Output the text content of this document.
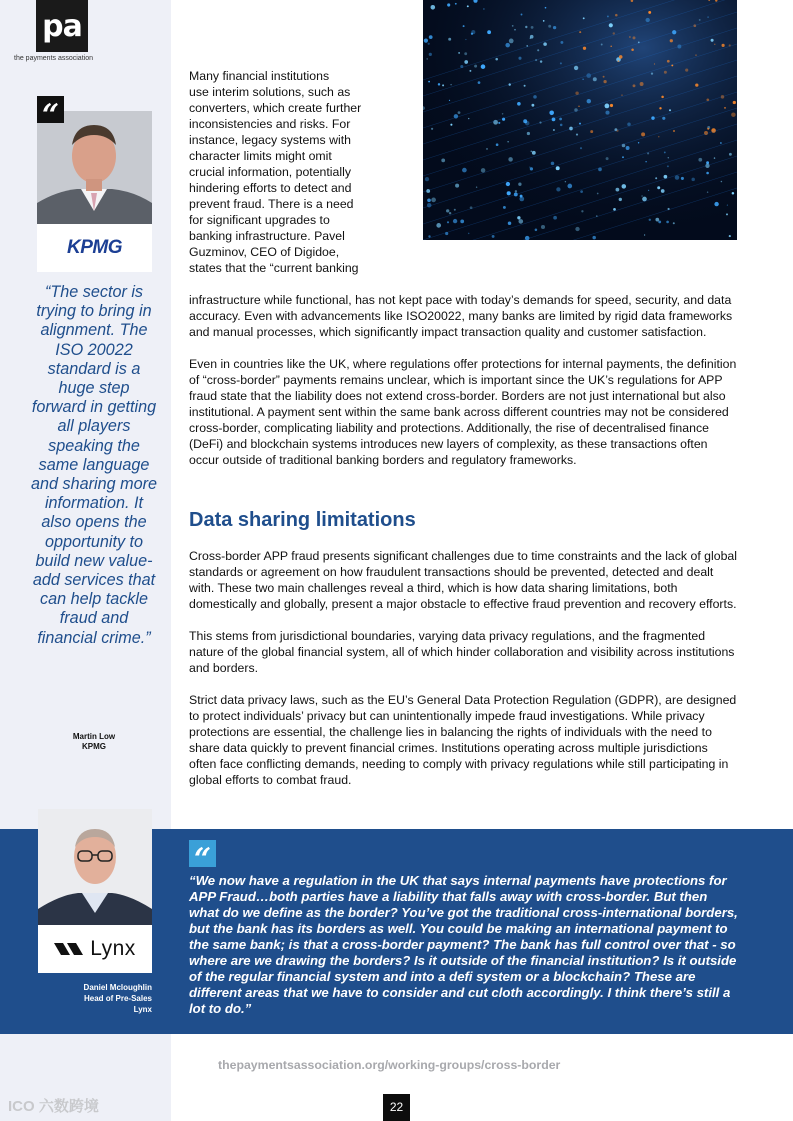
pa
the payments association
“
KPMG
“The sector is trying to bring in alignment. The ISO 20022 standard is a huge step forward in getting all players speaking the same language and sharing more information. It also opens the opportunity to build new value-add services that can help tackle fraud and financial crime.”
Martin Low
KPMG

Many financial institutions
use interim solutions, such as
converters, which create further
inconsistencies and risks. For
instance, legacy systems with
character limits might omit
crucial information, potentially
hindering efforts to detect and
prevent fraud. There is a need
for significant upgrades to
banking infrastructure. Pavel
Guzminov, CEO of Digidoe,
states that the “current banking

infrastructure while functional, has not kept pace with today’s demands for speed, security, and data accuracy. Even with advancements like ISO20022, many banks are limited by rigid data frameworks and manual processes, which significantly impact transaction quality and customer satisfaction.

Even in countries like the UK, where regulations offer protections for internal payments, the definition of “cross-border” payments remains unclear, which is important since the UK’s regulations for APP fraud state that the liability does not extend cross-border. Borders are not just international but also institutional. A payment sent within the same bank across different countries may not be considered cross-border, complicating liability and protections. Additionally, the rise of decentralised finance (DeFi) and blockchain systems introduces new layers of complexity, as these transactions often occur outside of traditional banking borders and regulatory frameworks.

Data sharing limitations

Cross-border APP fraud presents significant challenges due to time constraints and the lack of global standards or agreement on how fraudulent transactions should be prevented, detected and dealt with. These two main challenges reveal a third, which is how data sharing limitations, both domestically and globally, present a major obstacle to effective fraud prevention and recovery efforts.

This stems from jurisdictional boundaries, varying data privacy regulations, and the fragmented nature of the global financial system, all of which hinder collaboration and visibility across institutions and borders.

Strict data privacy laws, such as the EU’s General Data Protection Regulation (GDPR), are designed to protect individuals’ privacy but can unintentionally impede fraud investigations. While privacy protections are essential, the challenge lies in balancing the rights of individuals with the need to share data quickly to prevent financial crimes. Institutions operating across multiple jurisdictions often face conflicting demands, needing to comply with privacy regulations while still participating in global efforts to combat fraud.

Lynx
Daniel Mcloughlin
Head of Pre-Sales
Lynx
“
“We now have a regulation in the UK that says internal payments have protections for APP Fraud…both parties have a liability that falls away with cross-border. But then what do we define as the border? You’ve got the traditional cross-international borders, but the bank has its borders as well. You could be making an international payment to the same bank; is that a cross-border payment? The bank has full control over that - so where are we drawing the borders? Is it outside of the financial institution? Is it outside of the regular financial system and into a defi system or a blockchain? These are different areas that we have to consider and cut cloth accordingly. I think there’s still a lot to do.”
thepaymentsassociation.org/working-groups/cross-border
22
ICO 六数跨境
